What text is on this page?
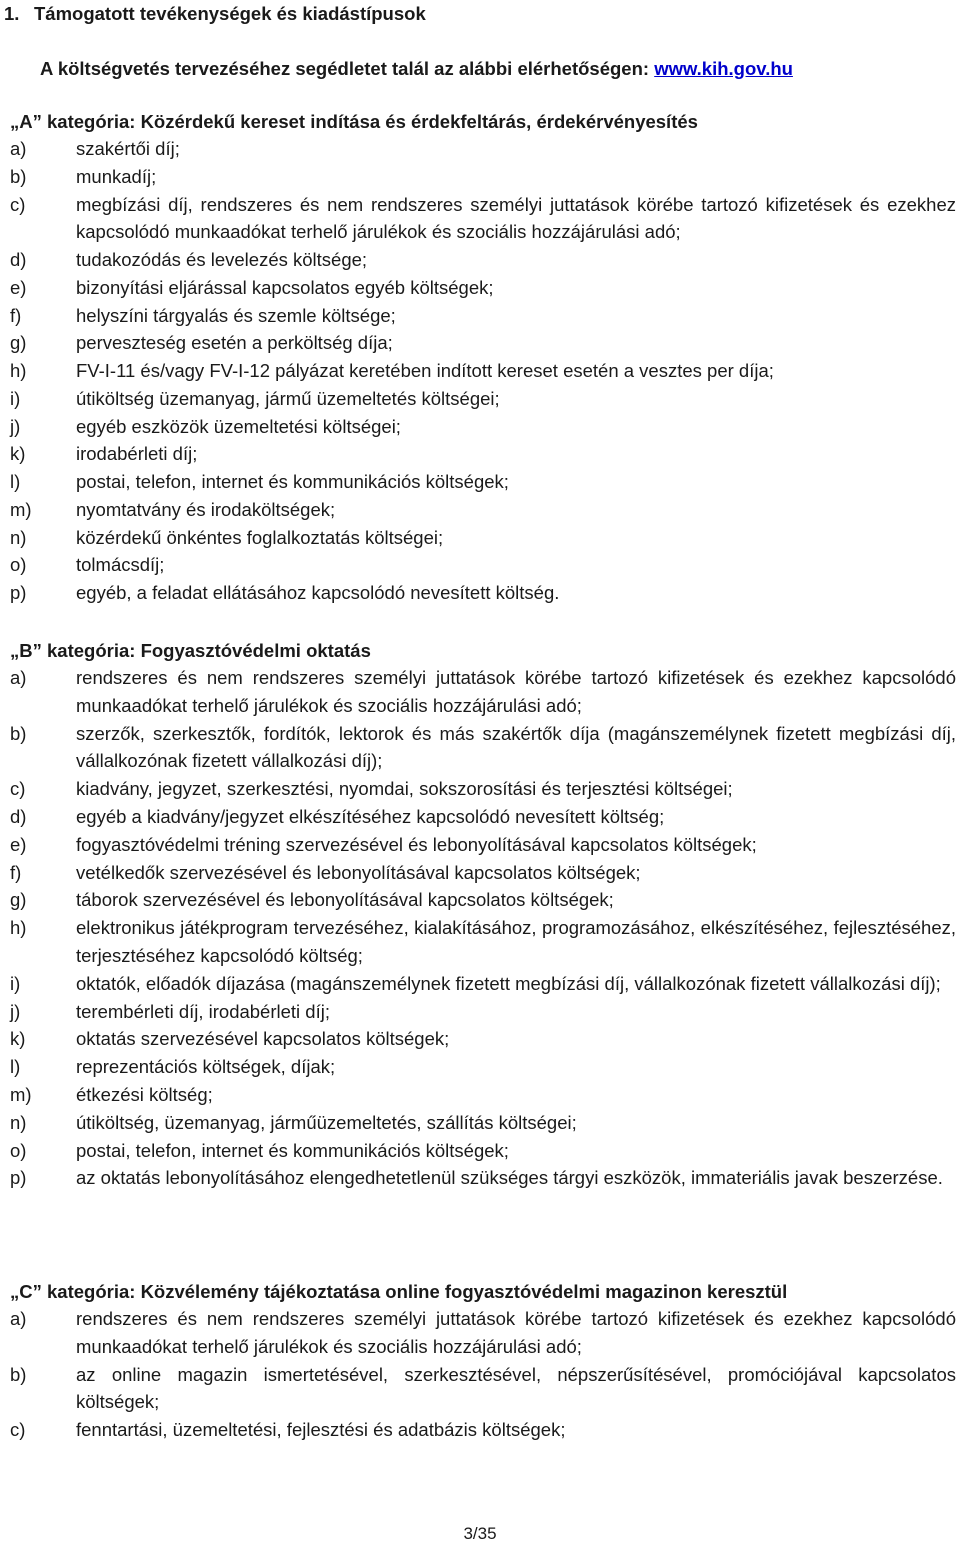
1. Támogatott tevékenységek és kiadástípusok
A költségvetés tervezéséhez segédletet talál az alábbi elérhetőségen: www.kih.gov.hu
„A” kategória: Közérdekű kereset indítása és érdekfeltárás, érdekérvényesítés
a)	szakértői díj;
b)	munkadíj;
c)	megbízási díj, rendszeres és nem rendszeres személyi juttatások körébe tartozó kifizetések és ezekhez kapcsolódó munkaadókat terhelő járulékok és szociális hozzájárulási adó;
d)	tudakozódás és levelezés költsége;
e)	bizonyítási eljárással kapcsolatos egyéb költségek;
f)	helyszíni tárgyalás és szemle költsége;
g)	perveszteség esetén a perköltség díja;
h)	FV-I-11 és/vagy FV-I-12 pályázat keretében indított kereset esetén a vesztes per díja;
i)	útiköltség üzemanyag, jármű üzemeltetés költségei;
j)	egyéb eszközök üzemeltetési költségei;
k)	irodabérleti díj;
l)	postai, telefon, internet és kommunikációs költségek;
m)	nyomtatvány és irodaköltségek;
n)	közérdekű önkéntes foglalkoztatás költségei;
o)	tolmácsdíj;
p)	egyéb, a feladat ellátásához kapcsolódó nevesített költség.
„B” kategória: Fogyasztóvédelmi oktatás
a)	rendszeres és nem rendszeres személyi juttatások körébe tartozó kifizetések és ezekhez kapcsolódó munkaadókat terhelő járulékok és szociális hozzájárulási adó;
b)	szerzők, szerkesztők, fordítók, lektorok és más szakértők díja (magánszemélynek fizetett megbízási díj, vállalkozónak fizetett vállalkozási díj);
c)	kiadvány, jegyzet, szerkesztési, nyomdai, sokszorosítási és terjesztési költségei;
d)	egyéb a kiadvány/jegyzet elkészítéséhez kapcsolódó nevesített költség;
e)	fogyasztóvédelmi tréning szervezésével és lebonyolításával kapcsolatos költségek;
f)	vetélkedők szervezésével és lebonyolításával kapcsolatos költségek;
g)	táborok szervezésével és lebonyolításával kapcsolatos költségek;
h)	elektronikus játékprogram tervezéséhez, kialakításához, programozásához, elkészítéséhez, fejlesztéséhez, terjesztéséhez kapcsolódó költség;
i)	oktatók, előadók díjazása (magánszemélynek fizetett megbízási díj, vállalkozónak fizetett vállalkozási díj);
j)	terembérleti díj, irodabérleti díj;
k)	oktatás szervezésével kapcsolatos költségek;
l)	reprezentációs költségek, díjak;
m)	étkezési költség;
n)	útiköltség, üzemanyag, járműüzemeltetés, szállítás költségei;
o)	postai, telefon, internet és kommunikációs költségek;
p)	az oktatás lebonyolításához elengedhetetlenül szükséges tárgyi eszközök, immateriális javak beszerzése.
„C” kategória: Közvélemény tájékoztatása online fogyasztóvédelmi magazinon keresztül
a)	rendszeres és nem rendszeres személyi juttatások körébe tartozó kifizetések és ezekhez kapcsolódó munkaadókat terhelő járulékok és szociális hozzájárulási adó;
b)	az online magazin ismertetésével, szerkesztésével, népszerűsítésével, promóciójával kapcsolatos költségek;
c)	fenntartási, üzemeltetési, fejlesztési és adatbázis költségek;
3/35
